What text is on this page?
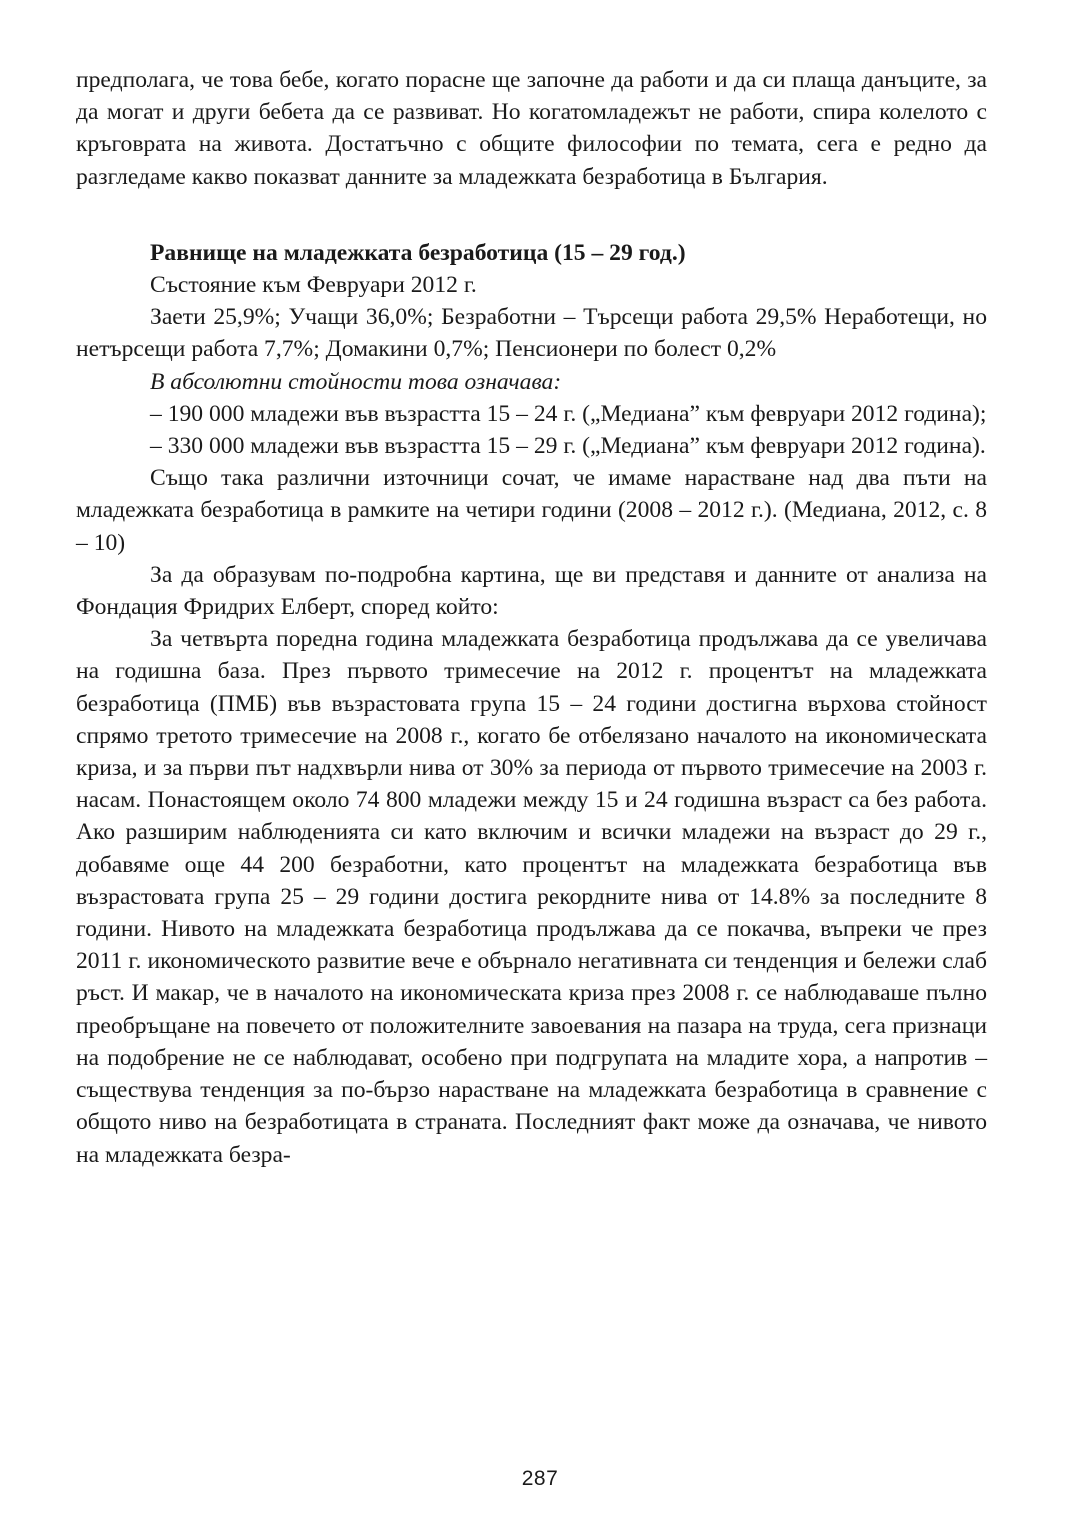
предполага, че това бебе, когато порасне ще започне да работи и да си плаща данъците, за да могат и други бебета да се развиват. Но когатомладежът не работи, спира колелото с кръговрата на живота. Достатъчно с общите философии по темата, сега е редно да разгледаме какво показват данните за младежката безработица в България.

Равнище на младежката безработица (15 – 29 год.)

Състояние към Февруари 2012 г.

Заети 25,9%; Учащи 36,0%; Безработни – Търсещи работа 29,5% Неработещи, но нетърсещи работа 7,7%; Домакини 0,7%; Пенсионери по болест 0,2%

В абсолютни стойности това означава:

– 190 000 младежи във възрастта 15 – 24 г. („Медиана” към февруари 2012 година);

– 330 000 младежи във възрастта 15 – 29 г. („Медиана” към февруари 2012 година).

Също така различни източници сочат, че имаме нарастване над два пъти на младежката безработица в рамките на четири години (2008 – 2012 г.). (Медиана, 2012, с. 8 – 10)

За да образувам по-подробна картина, ще ви представя и данните от анализа на Фондация Фридрих Елберт, според който:

За четвърта поредна година младежката безработица продължава да се увеличава на годишна база. През първото тримесечие на 2012 г. процентът на младежката безработица (ПМБ) във възрастовата група 15 – 24 години достигна върхова стойност спрямо третото тримесечие на 2008 г., когато бе отбелязано началото на икономическата криза, и за първи път надхвърли нива от 30% за периода от първото тримесечие на 2003 г. насам. Понастоящем около 74 800 младежи между 15 и 24 годишна възраст са без работа. Ако разширим наблюденията си като включим и всички младежи на възраст до 29 г., добавяме още 44 200 безработни, като процентът на младежката безработица във възрастовата група 25 – 29 години достига рекордните нива от 14.8% за последните 8 години. Нивото на младежката безработица продължава да се покачва, въпреки че през 2011 г. икономическото развитие вече е обърнало негативната си тенденция и бележи слаб ръст. И макар, че в началото на икономическата криза през 2008 г. се наблюдаваше пълно преобръщане на повечето от положителните завоевания на пазара на труда, сега признаци на подобрение не се наблюдават, особено при подгрупата на младите хора, а напротив – съществува тенденция за по-бързо нарастване на младежката безработица в сравнение с общото ниво на безработицата в страната. Последният факт може да означава, че нивото на младежката безра-

287
